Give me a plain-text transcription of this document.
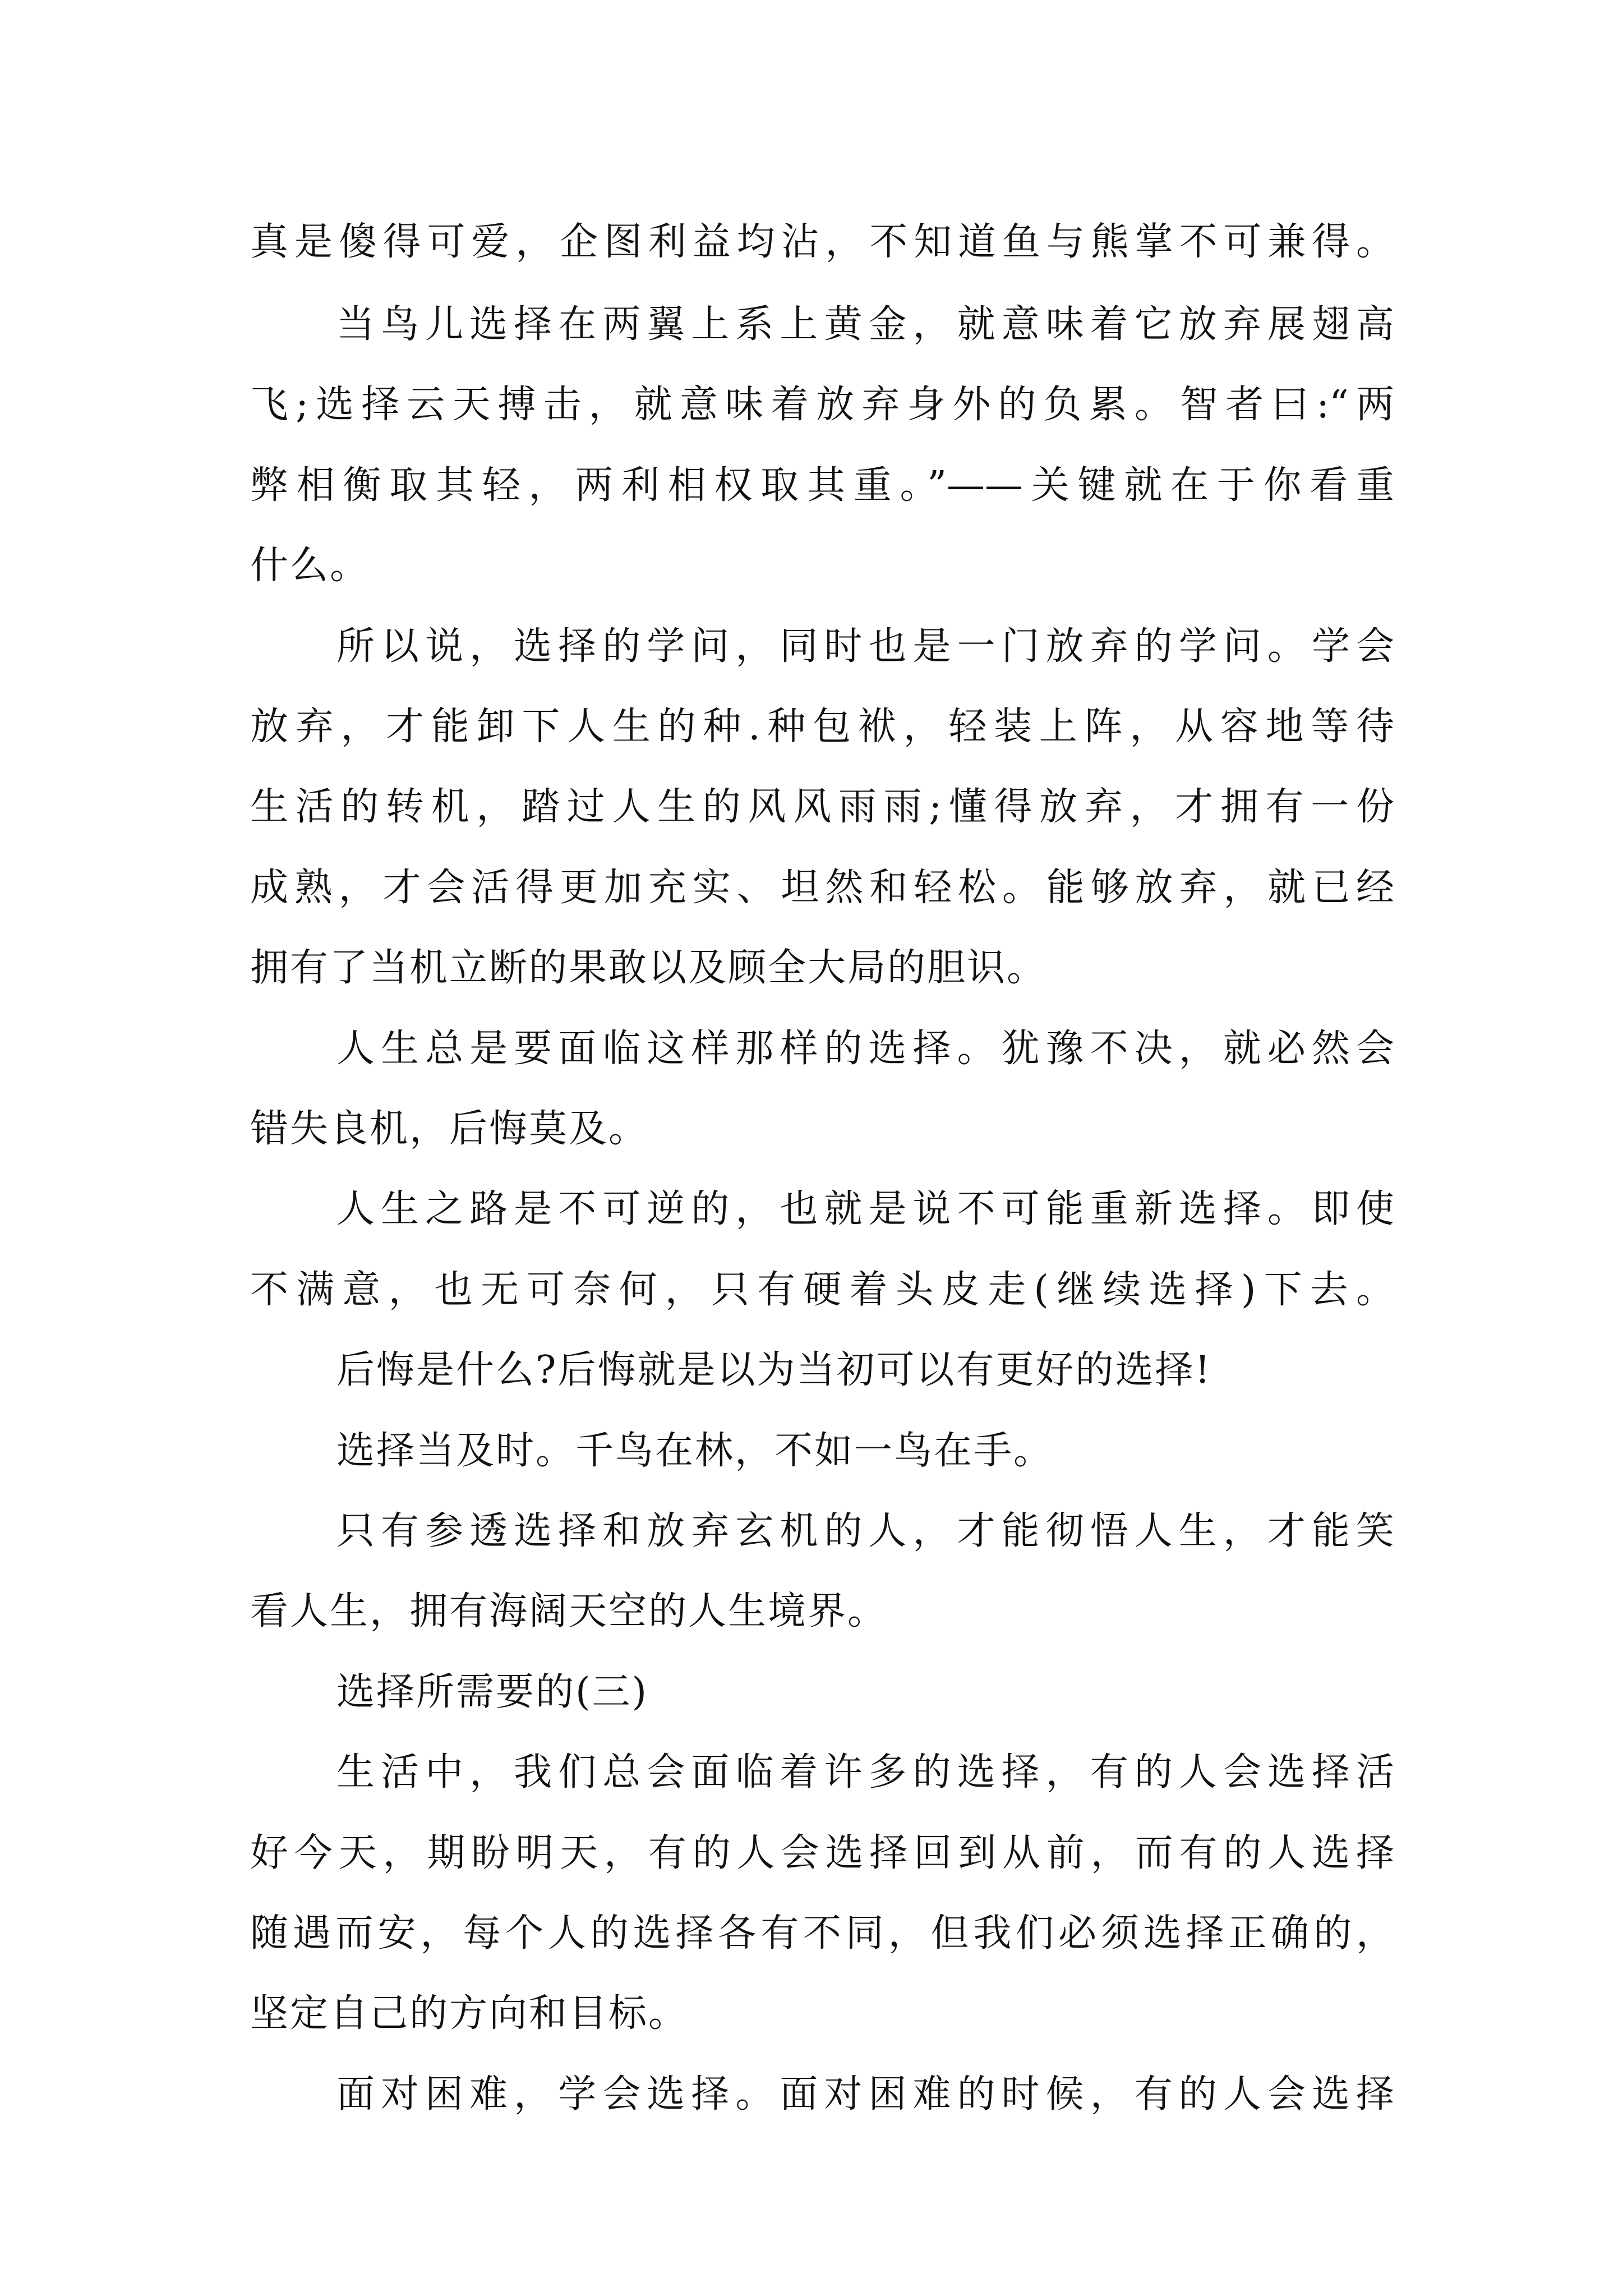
真是傻得可爱，企图利益均沾，不知道鱼与熊掌不可兼得。
当鸟儿选择在两翼上系上黄金，就意味着它放弃展翅高
飞;选择云天搏击，就意味着放弃身外的负累。智者曰:“两
弊相衡取其轻，两利相权取其重。”——关键就在于你看重
什么。
所以说，选择的学问，同时也是一门放弃的学问。学会
放弃，才能卸下人生的种.种包袱，轻装上阵，从容地等待
生活的转机，踏过人生的风风雨雨;懂得放弃，才拥有一份
成熟，才会活得更加充实、坦然和轻松。能够放弃，就已经
拥有了当机立断的果敢以及顾全大局的胆识。
人生总是要面临这样那样的选择。犹豫不决，就必然会
错失良机，后悔莫及。
人生之路是不可逆的，也就是说不可能重新选择。即使
不满意，也无可奈何，只有硬着头皮走(继续选择)下去。
后悔是什么?后悔就是以为当初可以有更好的选择!
选择当及时。千鸟在林，不如一鸟在手。
只有参透选择和放弃玄机的人，才能彻悟人生，才能笑
看人生，拥有海阔天空的人生境界。
选择所需要的(三)
生活中，我们总会面临着许多的选择，有的人会选择活
好今天，期盼明天，有的人会选择回到从前，而有的人选择
随遇而安，每个人的选择各有不同，但我们必须选择正确的，
坚定自己的方向和目标。
面对困难，学会选择。面对困难的时候，有的人会选择
